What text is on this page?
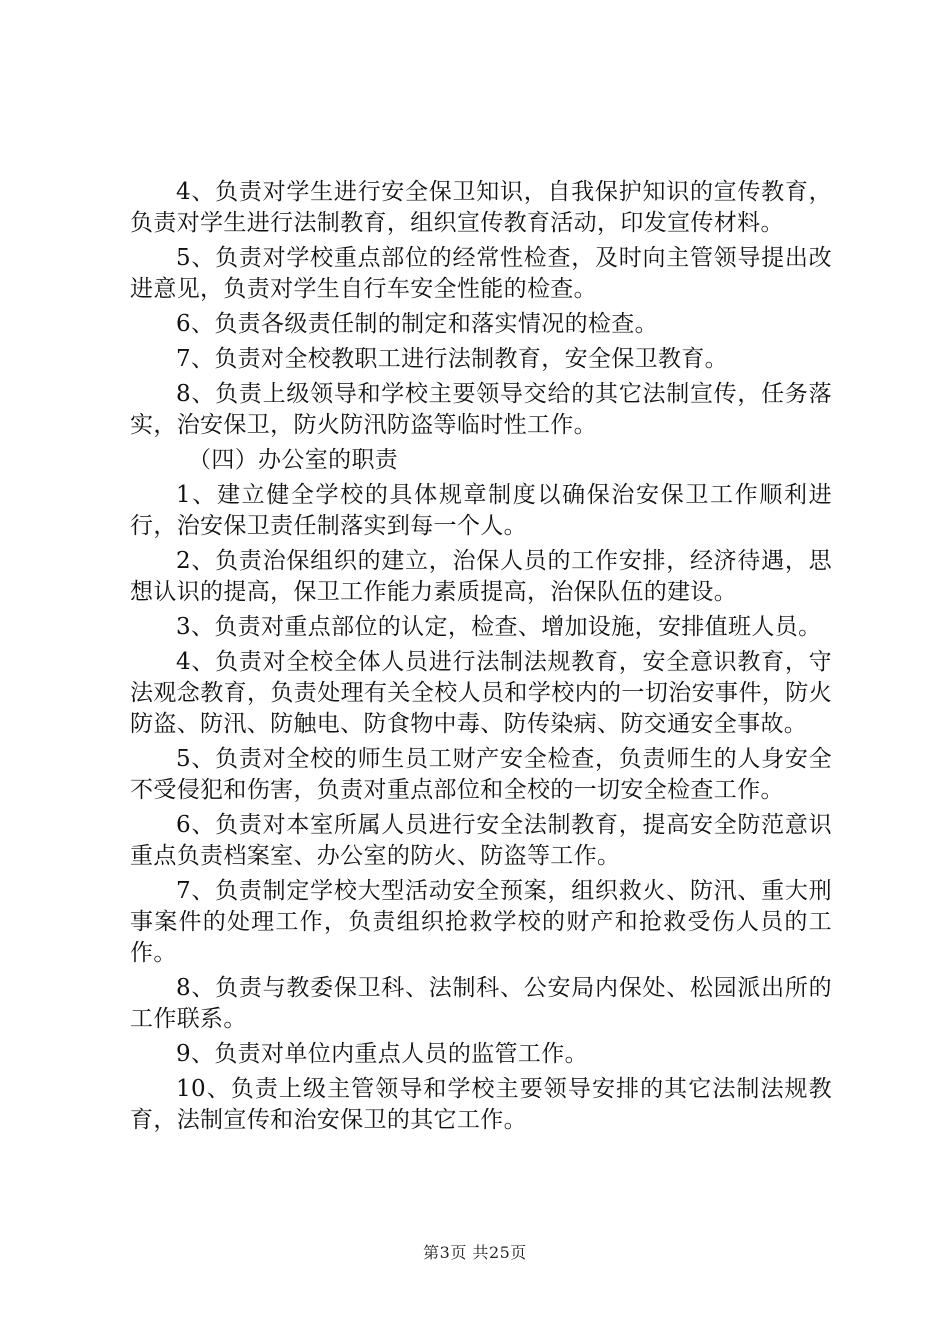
4、负责对学生进行安全保卫知识，自我保护知识的宣传教育，负责对学生进行法制教育，组织宣传教育活动，印发宣传材料。

5、负责对学校重点部位的经常性检查，及时向主管领导提出改进意见，负责对学生自行车安全性能的检查。

6、负责各级责任制的制定和落实情况的检查。

7、负责对全校教职工进行法制教育，安全保卫教育。

8、负责上级领导和学校主要领导交给的其它法制宣传，任务落实，治安保卫，防火防汛防盗等临时性工作。

（四）办公室的职责

1、建立健全学校的具体规章制度以确保治安保卫工作顺利进行，治安保卫责任制落实到每一个人。

2、负责治保组织的建立，治保人员的工作安排，经济待遇，思想认识的提高，保卫工作能力素质提高，治保队伍的建设。

3、负责对重点部位的认定，检查、增加设施，安排值班人员。

4、负责对全校全体人员进行法制法规教育，安全意识教育，守法观念教育，负责处理有关全校人员和学校内的一切治安事件，防火防盗、防汛、防触电、防食物中毒、防传染病、防交通安全事故。

5、负责对全校的师生员工财产安全检查，负责师生的人身安全不受侵犯和伤害，负责对重点部位和全校的一切安全检查工作。

6、负责对本室所属人员进行安全法制教育，提高安全防范意识重点负责档案室、办公室的防火、防盗等工作。

7、负责制定学校大型活动安全预案，组织救火、防汛、重大刑事案件的处理工作，负责组织抢救学校的财产和抢救受伤人员的工作。

8、负责与教委保卫科、法制科、公安局内保处、松园派出所的工作联系。

9、负责对单位内重点人员的监管工作。

10、负责上级主管领导和学校主要领导安排的其它法制法规教育，法制宣传和治安保卫的其它工作。

第3页 共25页
